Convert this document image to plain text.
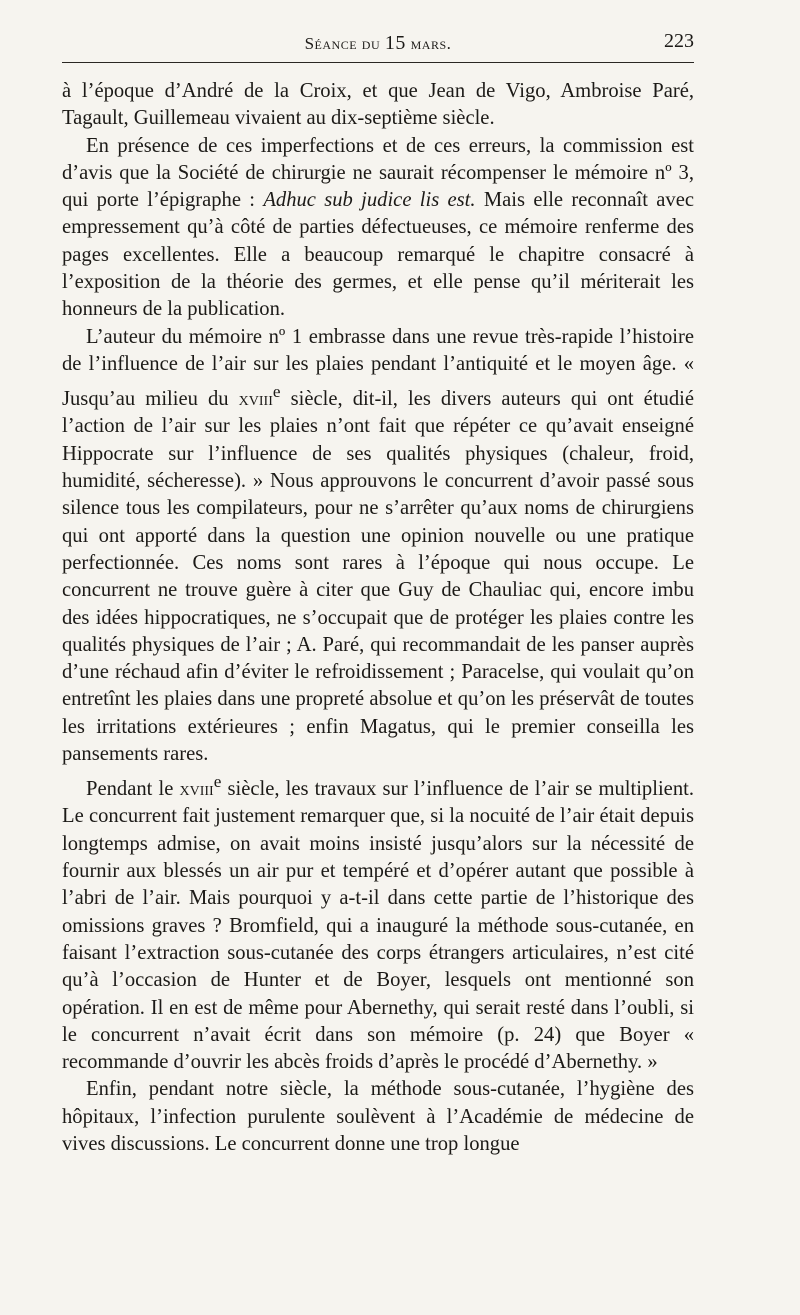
Séance du 15 mars.	223

à l’époque d’André de la Croix, et que Jean de Vigo, Ambroise Paré, Tagault, Guillemeau vivaient au dix-septième siècle.

En présence de ces imperfections et de ces erreurs, la commission est d’avis que la Société de chirurgie ne saurait récompenser le mémoire nº 3, qui porte l’épigraphe : Adhuc sub judice lis est. Mais elle reconnaît avec empressement qu’à côté de parties défectueuses, ce mémoire renferme des pages excellentes. Elle a beaucoup remarqué le chapitre consacré à l’exposition de la théorie des germes, et elle pense qu’il mériterait les honneurs de la publication.

L’auteur du mémoire nº 1 embrasse dans une revue très-rapide l’histoire de l’influence de l’air sur les plaies pendant l’antiquité et le moyen âge. « Jusqu’au milieu du xviii$^e$ siècle, dit-il, les divers auteurs qui ont étudié l’action de l’air sur les plaies n’ont fait que répéter ce qu’avait enseigné Hippocrate sur l’influence de ses qualités physiques (chaleur, froid, humidité, sécheresse). » Nous approuvons le concurrent d’avoir passé sous silence tous les compilateurs, pour ne s’arrêter qu’aux noms de chirurgiens qui ont apporté dans la question une opinion nouvelle ou une pratique perfectionnée. Ces noms sont rares à l’époque qui nous occupe. Le concurrent ne trouve guère à citer que Guy de Chauliac qui, encore imbu des idées hippocratiques, ne s’occupait que de protéger les plaies contre les qualités physiques de l’air ; A. Paré, qui recommandait de les panser auprès d’une réchaud afin d’éviter le refroidissement ; Paracelse, qui voulait qu’on entretînt les plaies dans une propreté absolue et qu’on les préservât de toutes les irritations extérieures ; enfin Magatus, qui le premier conseilla les pansements rares.

Pendant le xviii$^e$ siècle, les travaux sur l’influence de l’air se multiplient. Le concurrent fait justement remarquer que, si la nocuité de l’air était depuis longtemps admise, on avait moins insisté jusqu’alors sur la nécessité de fournir aux blessés un air pur et tempéré et d’opérer autant que possible à l’abri de l’air. Mais pourquoi y a-t-il dans cette partie de l’historique des omissions graves ? Bromfield, qui a inauguré la méthode sous-cutanée, en faisant l’extraction sous-cutanée des corps étrangers articulaires, n’est cité qu’à l’occasion de Hunter et de Boyer, lesquels ont mentionné son opération. Il en est de même pour Abernethy, qui serait resté dans l’oubli, si le concurrent n’avait écrit dans son mémoire (p. 24) que Boyer « recommande d’ouvrir les abcès froids d’après le procédé d’Abernethy. »

Enfin, pendant notre siècle, la méthode sous-cutanée, l’hygiène des hôpitaux, l’infection purulente soulèvent à l’Académie de médecine de vives discussions. Le concurrent donne une trop longue
